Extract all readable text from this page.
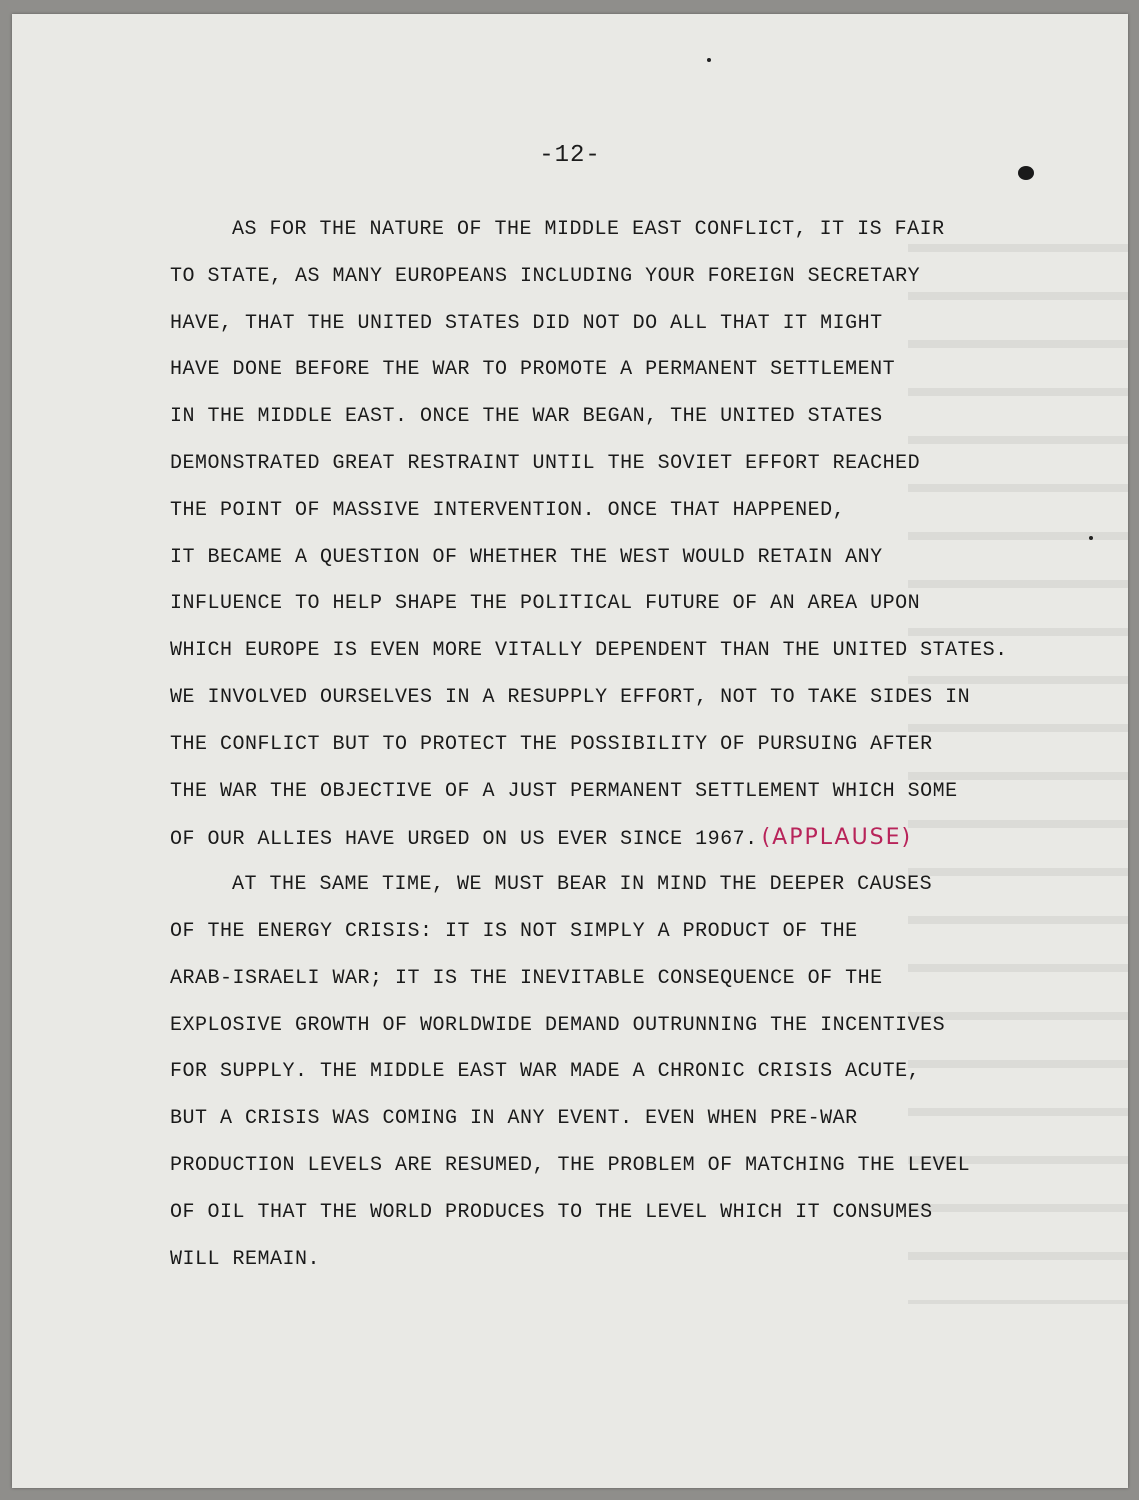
-12-
AS FOR THE NATURE OF THE MIDDLE EAST CONFLICT, IT IS FAIR
TO STATE, AS MANY EUROPEANS INCLUDING YOUR FOREIGN SECRETARY
HAVE, THAT THE UNITED STATES DID NOT DO ALL THAT IT MIGHT
HAVE DONE BEFORE THE WAR TO PROMOTE A PERMANENT SETTLEMENT
IN THE MIDDLE EAST. ONCE THE WAR BEGAN, THE UNITED STATES
DEMONSTRATED GREAT RESTRAINT UNTIL THE SOVIET EFFORT REACHED
THE POINT OF MASSIVE INTERVENTION. ONCE THAT HAPPENED,
IT BECAME A QUESTION OF WHETHER THE WEST WOULD RETAIN ANY
INFLUENCE TO HELP SHAPE THE POLITICAL FUTURE OF AN AREA UPON
WHICH EUROPE IS EVEN MORE VITALLY DEPENDENT THAN THE UNITED STATES.
WE INVOLVED OURSELVES IN A RESUPPLY EFFORT, NOT TO TAKE SIDES IN
THE CONFLICT BUT TO PROTECT THE POSSIBILITY OF PURSUING AFTER
THE WAR THE OBJECTIVE OF A JUST PERMANENT SETTLEMENT WHICH SOME
OF OUR ALLIES HAVE URGED ON US EVER SINCE 1967. (APPLAUSE)
AT THE SAME TIME, WE MUST BEAR IN MIND THE DEEPER CAUSES
OF THE ENERGY CRISIS: IT IS NOT SIMPLY A PRODUCT OF THE
ARAB-ISRAELI WAR; IT IS THE INEVITABLE CONSEQUENCE OF THE
EXPLOSIVE GROWTH OF WORLDWIDE DEMAND OUTRUNNING THE INCENTIVES
FOR SUPPLY. THE MIDDLE EAST WAR MADE A CHRONIC CRISIS ACUTE,
BUT A CRISIS WAS COMING IN ANY EVENT. EVEN WHEN PRE-WAR
PRODUCTION LEVELS ARE RESUMED, THE PROBLEM OF MATCHING THE LEVEL
OF OIL THAT THE WORLD PRODUCES TO THE LEVEL WHICH IT CONSUMES
WILL REMAIN.
